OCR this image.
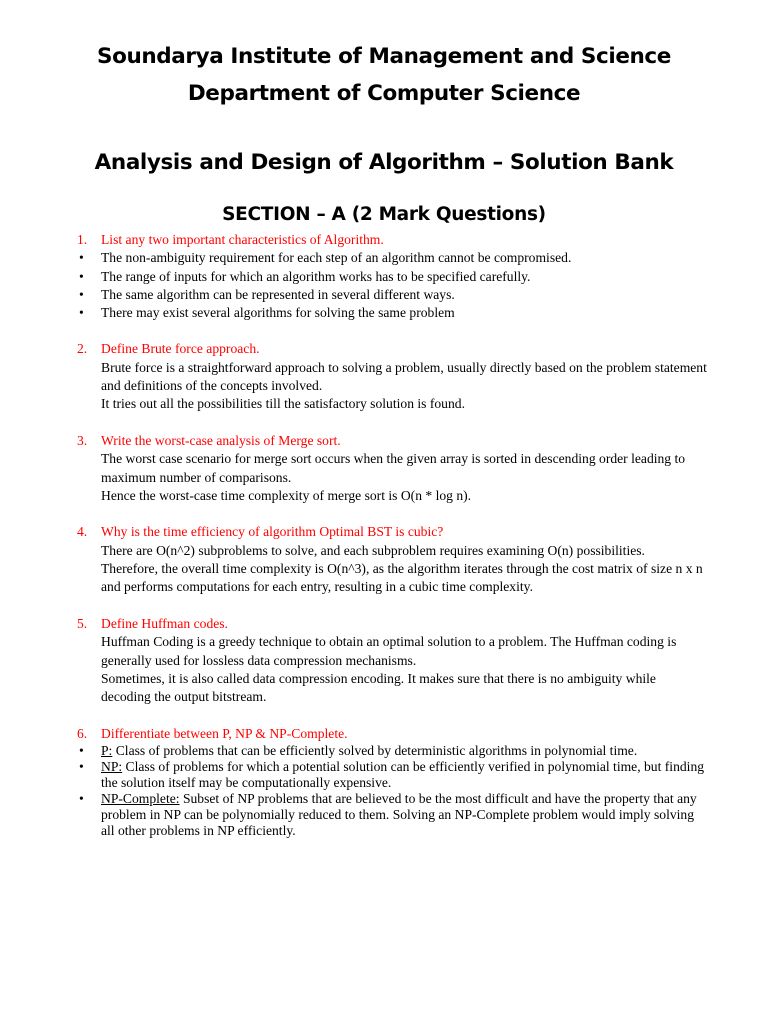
Soundarya Institute of Management and Science
Department of Computer Science
Analysis and Design of Algorithm – Solution Bank
SECTION – A (2 Mark Questions)
1. List any two important characteristics of Algorithm.
• The non-ambiguity requirement for each step of an algorithm cannot be compromised.
• The range of inputs for which an algorithm works has to be specified carefully.
• The same algorithm can be represented in several different ways.
• There may exist several algorithms for solving the same problem
2. Define Brute force approach.
Brute force is a straightforward approach to solving a problem, usually directly based on the problem statement and definitions of the concepts involved.
It tries out all the possibilities till the satisfactory solution is found.
3. Write the worst-case analysis of Merge sort.
The worst case scenario for merge sort occurs when the given array is sorted in descending order leading to maximum number of comparisons.
Hence the worst-case time complexity of merge sort is O(n * log n).
4. Why is the time efficiency of algorithm Optimal BST is cubic?
There are O(n^2) subproblems to solve, and each subproblem requires examining O(n) possibilities.
Therefore, the overall time complexity is O(n^3), as the algorithm iterates through the cost matrix of size n x n and performs computations for each entry, resulting in a cubic time complexity.
5. Define Huffman codes.
Huffman Coding is a greedy technique to obtain an optimal solution to a problem. The Huffman coding is generally used for lossless data compression mechanisms.
Sometimes, it is also called data compression encoding. It makes sure that there is no ambiguity while decoding the output bitstream.
6. Differentiate between P, NP & NP-Complete.
• P: Class of problems that can be efficiently solved by deterministic algorithms in polynomial time.
• NP: Class of problems for which a potential solution can be efficiently verified in polynomial time, but finding the solution itself may be computationally expensive.
• NP-Complete: Subset of NP problems that are believed to be the most difficult and have the property that any problem in NP can be polynomially reduced to them. Solving an NP-Complete problem would imply solving all other problems in NP efficiently.
